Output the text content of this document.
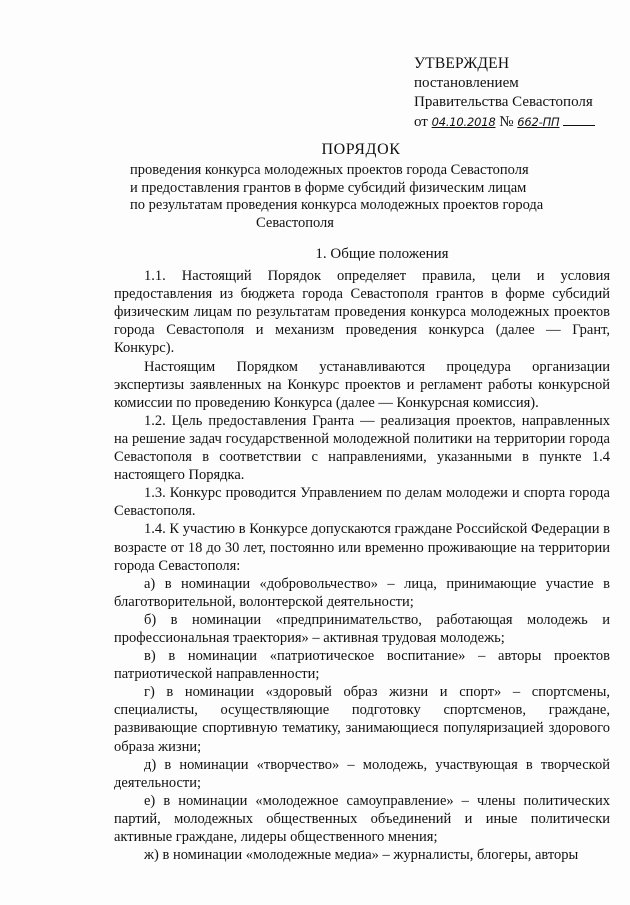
УТВЕРЖДЕН
постановлением
Правительства Севастополя
от 04.10.2018 № 662-ПП
ПОРЯДОК
проведения конкурса молодежных проектов города Севастополя
и предоставления грантов в форме субсидий физическим лицам
по результатам проведения конкурса молодежных проектов города
Севастополя
1. Общие положения

1.1. Настоящий Порядок определяет правила, цели и условия предоставления из бюджета города Севастополя грантов в форме субсидий физическим лицам по результатам проведения конкурса молодежных проектов города Севастополя и механизм проведения конкурса (далее — Грант, Конкурс).

Настоящим Порядком устанавливаются процедура организации экспертизы заявленных на Конкурс проектов и регламент работы конкурсной комиссии по проведению Конкурса (далее — Конкурсная комиссия).

1.2. Цель предоставления Гранта — реализация проектов, направленных на решение задач государственной молодежной политики на территории города Севастополя в соответствии с направлениями, указанными в пункте 1.4 настоящего Порядка.

1.3. Конкурс проводится Управлением по делам молодежи и спорта города Севастополя.

1.4. К участию в Конкурсе допускаются граждане Российской Федерации в возрасте от 18 до 30 лет, постоянно или временно проживающие на территории города Севастополя:

а) в номинации «добровольчество» – лица, принимающие участие в благотворительной, волонтерской деятельности;

б) в номинации «предпринимательство, работающая молодежь и профессиональная траектория» – активная трудовая молодежь;

в) в номинации «патриотическое воспитание» – авторы проектов патриотической направленности;

г) в номинации «здоровый образ жизни и спорт» – спортсмены, специалисты, осуществляющие подготовку спортсменов, граждане, развивающие спортивную тематику, занимающиеся популяризацией здорового образа жизни;

д) в номинации «творчество» – молодежь, участвующая в творческой деятельности;

е) в номинации «молодежное самоуправление» – члены политических партий, молодежных общественных объединений и иные политически активные граждане, лидеры общественного мнения;

ж) в номинации «молодежные медиа» – журналисты, блогеры, авторы
